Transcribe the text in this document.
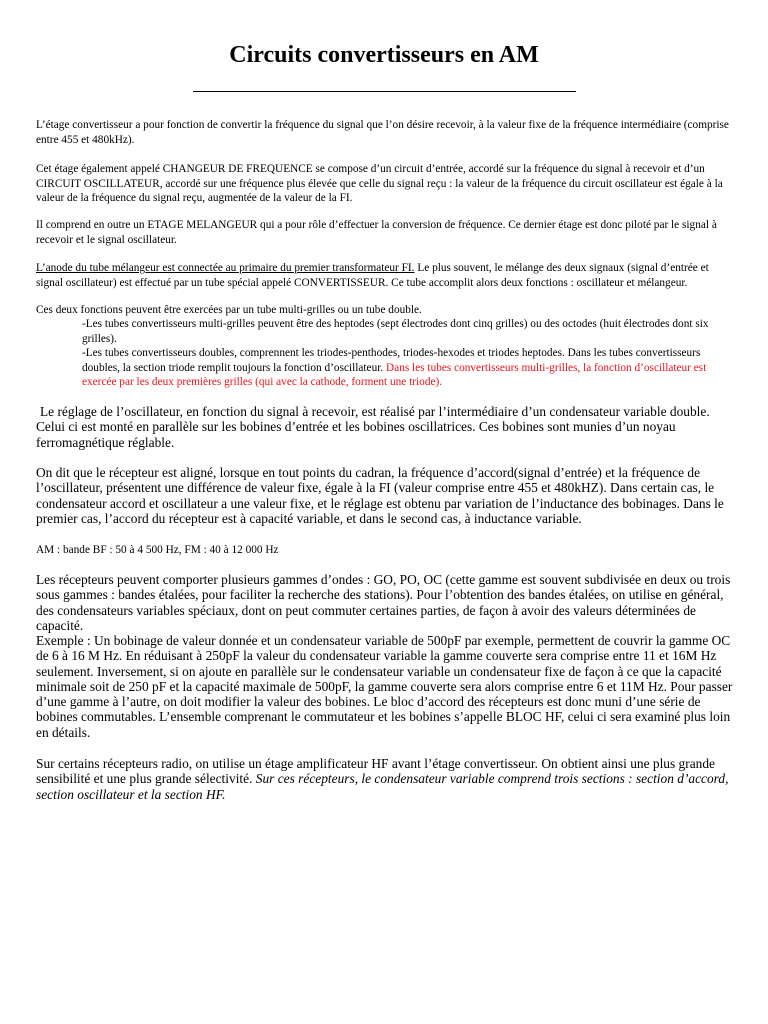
Circuits convertisseurs en AM

L’étage convertisseur a pour fonction de convertir la fréquence du signal que l’on désire recevoir, à la valeur fixe de la fréquence intermédiaire (comprise entre 455 et 480kHz).

Cet étage également appelé CHANGEUR DE FREQUENCE se compose d’un circuit d’entrée, accordé sur la fréquence du signal à recevoir et d’un CIRCUIT OSCILLATEUR, accordé sur une fréquence plus élevée que celle du signal reçu : la valeur de la fréquence du circuit oscillateur est égale à la valeur de la fréquence du signal reçu, augmentée de la valeur de la FI.

Il comprend en outre un ETAGE MELANGEUR qui a pour rôle d’effectuer la conversion de fréquence. Ce dernier étage est donc piloté par le signal à recevoir et le signal oscillateur.

L’anode du tube mélangeur est connectée au primaire du premier transformateur FI. Le plus souvent, le mélange des deux signaux (signal d’entrée et signal oscillateur) est effectué par un tube spécial appelé CONVERTISSEUR. Ce tube accomplit alors deux fonctions : oscillateur et mélangeur.

Ces deux fonctions peuvent être exercées par un tube multi-grilles ou un tube double.

-Les tubes convertisseurs multi-grilles peuvent être des heptodes (sept électrodes dont cinq grilles) ou des octodes (huit électrodes dont six grilles).

-Les tubes convertisseurs doubles, comprennent les triodes-penthodes, triodes-hexodes et triodes heptodes. Dans les tubes convertisseurs doubles, la section triode remplit toujours la fonction d’oscillateur. Dans les tubes convertisseurs multi-grilles, la fonction d’oscillateur est exercée par les deux premières grilles (qui avec la cathode, forment une triode).

Le réglage de l’oscillateur, en fonction du signal à recevoir, est réalisé par l’intermédiaire d’un condensateur variable double. Celui ci est monté en parallèle sur les bobines d’entrée et les bobines oscillatrices. Ces bobines sont munies d’un noyau ferromagnétique réglable.

On dit que le récepteur est aligné, lorsque en tout points du cadran, la fréquence d’accord(signal d’entrée) et la fréquence de l’oscillateur, présentent une différence de valeur fixe, égale à la FI (valeur comprise entre 455 et 480kHZ). Dans certain cas, le condensateur accord et oscillateur a une valeur fixe, et le réglage est obtenu par variation de l’inductance des bobinages. Dans le premier cas, l’accord du récepteur est à capacité variable, et dans le second cas, à inductance variable.

AM : bande BF : 50 à 4 500 Hz, FM : 40 à 12 000 Hz

Les récepteurs peuvent comporter plusieurs gammes d’ondes : GO, PO, OC (cette gamme est souvent subdivisée en deux ou trois sous gammes : bandes étalées, pour faciliter la recherche des stations). Pour l’obtention des bandes étalées, on utilise en général, des condensateurs variables spéciaux, dont on peut commuter certaines parties, de façon à avoir des valeurs déterminées de capacité.

Exemple : Un bobinage de valeur donnée et un condensateur variable de 500pF par exemple, permettent de couvrir la gamme OC de 6 à 16 M Hz. En réduisant à 250pF la valeur du condensateur variable la gamme couverte sera comprise entre 11 et 16M Hz seulement. Inversement, si on ajoute en parallèle sur le condensateur variable un condensateur fixe de façon à ce que la capacité minimale soit de 250 pF et la capacité maximale de 500pF, la gamme couverte sera alors comprise entre 6 et 11M Hz. Pour passer d’une gamme à l’autre, on doit modifier la valeur des bobines. Le bloc d’accord des récepteurs est donc muni d’une série de bobines commutables. L’ensemble comprenant le commutateur et les bobines s’appelle BLOC HF, celui ci sera examiné plus loin en détails.

Sur certains récepteurs radio, on utilise un étage amplificateur HF avant l’étage convertisseur. On obtient ainsi une plus grande sensibilité et une plus grande sélectivité. Sur ces récepteurs, le condensateur variable comprend trois sections : section d’accord, section oscillateur et la section HF.
